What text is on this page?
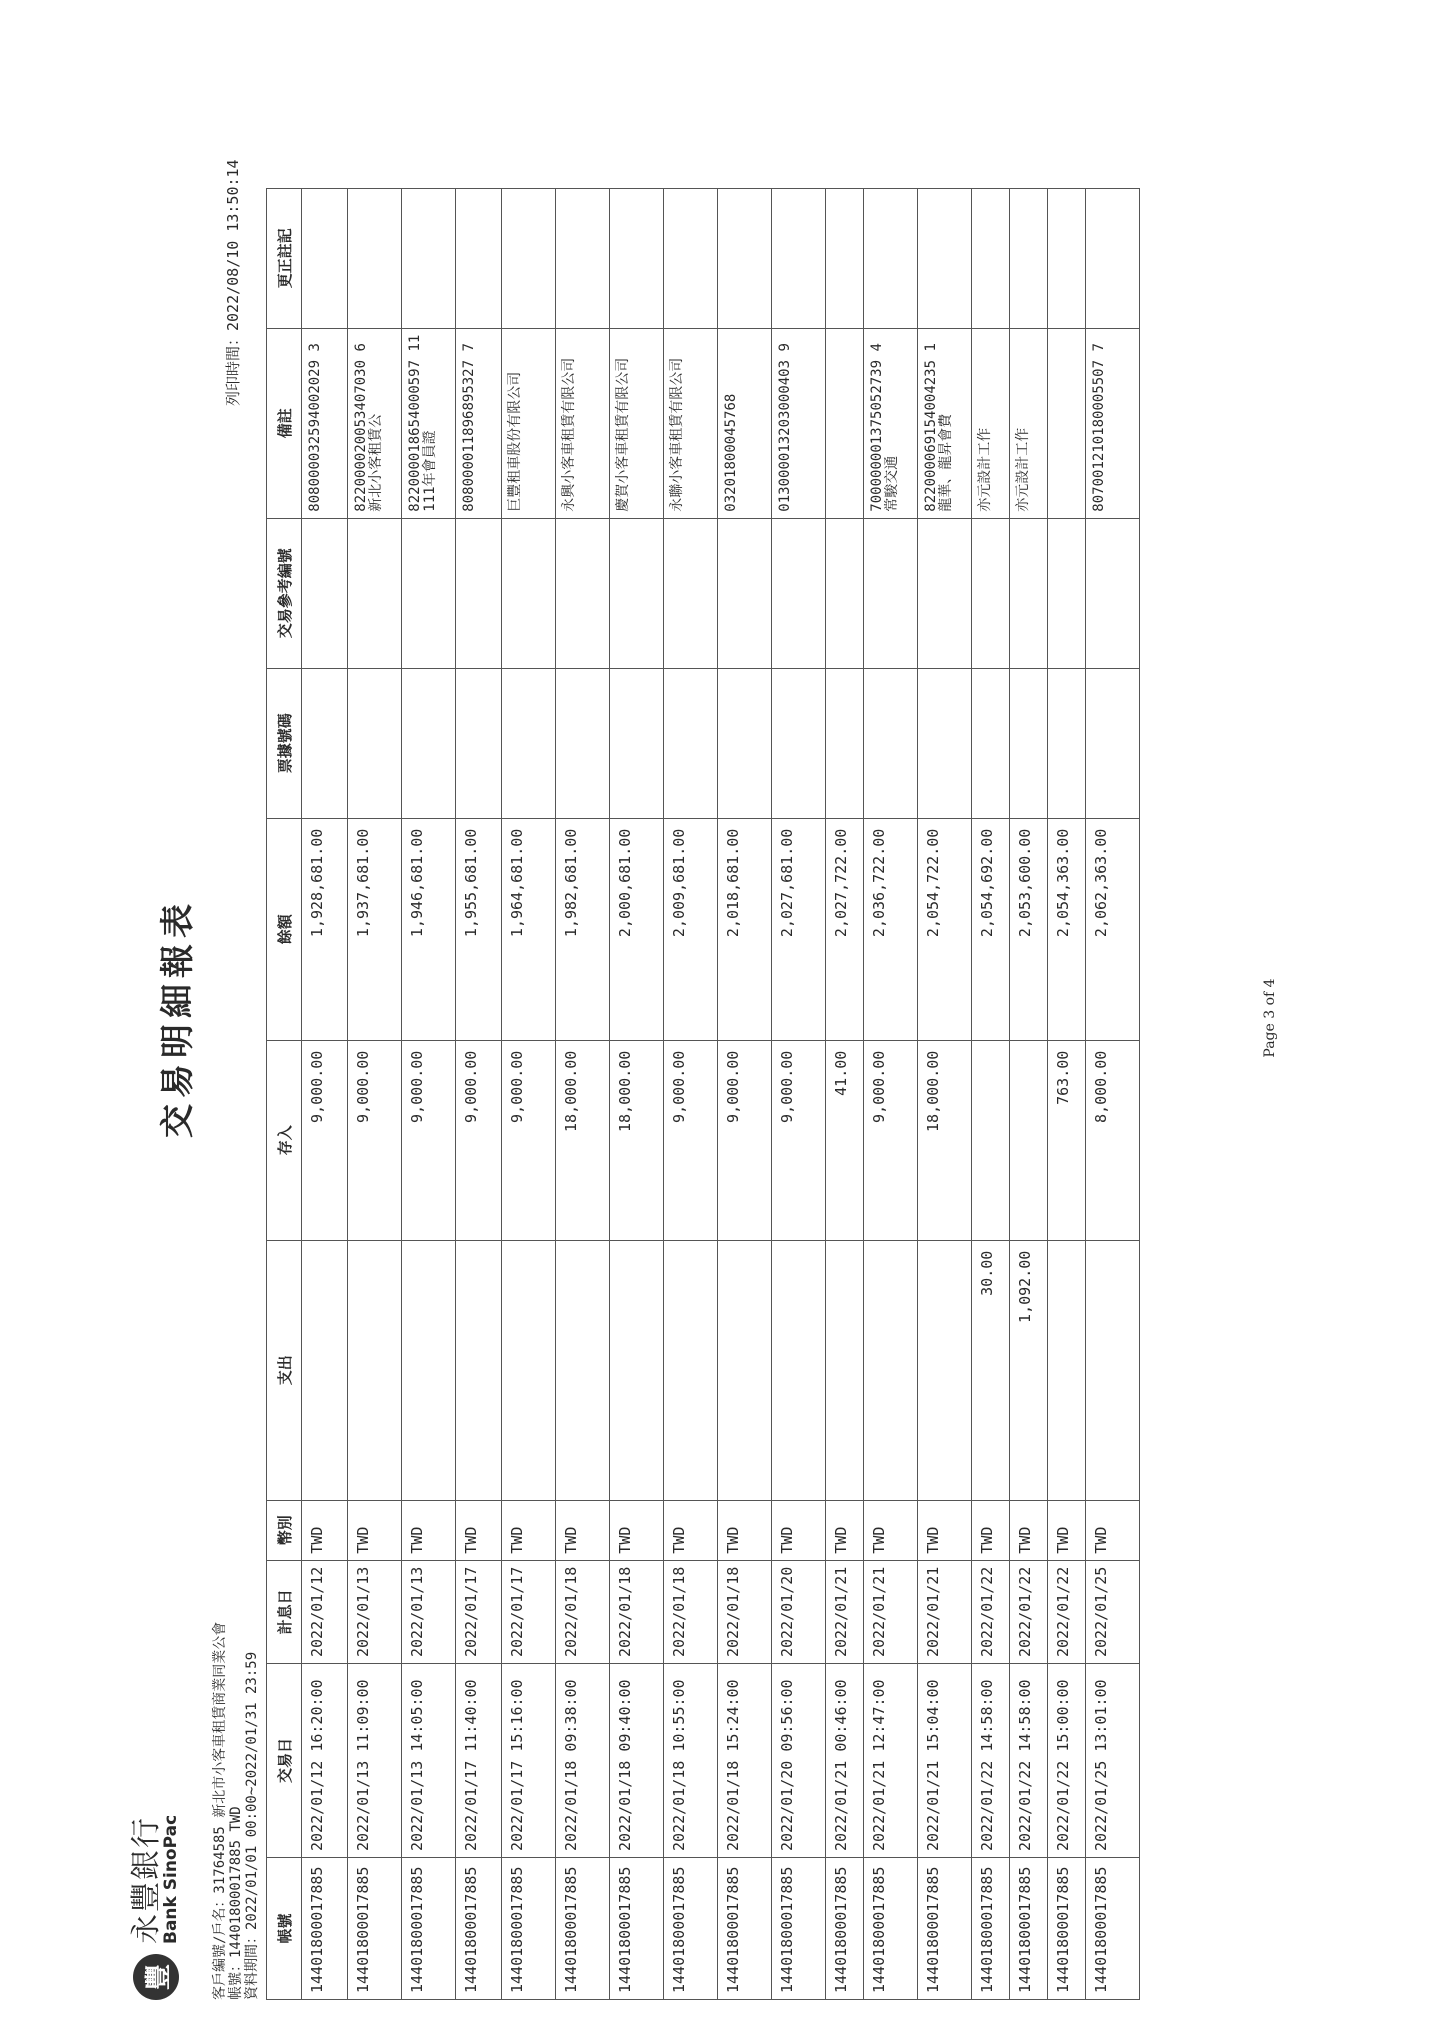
豐
永豐銀行
Bank SinoPac
交易明細報表
客戶編號/戶名：31764585 新北市小客車租賃商業同業公會 帳號：14401800017885 TWD 資料期間：2022/01/01 00:00~2022/01/31 23:59
列印時間：2022/08/10 13:50:14
帳號	交易日	計息日	幣別	支出	存入	餘額	票據號碼	交易參考編號	備註	更正註記
14401800017885	2022/01/12 16:20:00	2022/01/12	TWD		9,000.00	1,928,681.00			808000032594002029 3	
14401800017885	2022/01/13 11:09:00	2022/01/13	TWD		9,000.00	1,937,681.00			822000020053407030 6新北小客租賃公	
14401800017885	2022/01/13 14:05:00	2022/01/13	TWD		9,000.00	1,946,681.00			822000018654000597 11111年會員證	
14401800017885	2022/01/17 11:40:00	2022/01/17	TWD		9,000.00	1,955,681.00			808000011896895327 7	
14401800017885	2022/01/17 15:16:00	2022/01/17	TWD		9,000.00	1,964,681.00			巨豐租車股份有限公司	
14401800017885	2022/01/18 09:38:00	2022/01/18	TWD		18,000.00	1,982,681.00			永興小客車租賃有限公司	
14401800017885	2022/01/18 09:40:00	2022/01/18	TWD		18,000.00	2,000,681.00			慶賀小客車租賃有限公司	
14401800017885	2022/01/18 10:55:00	2022/01/18	TWD		9,000.00	2,009,681.00			永聯小客車租賃有限公司	
14401800017885	2022/01/18 15:24:00	2022/01/18	TWD		9,000.00	2,018,681.00			0320180004576​8	
14401800017885	2022/01/20 09:56:00	2022/01/20	TWD		9,000.00	2,027,681.00			013000013203000403 9	
14401800017885	2022/01/21 00:46:00	2022/01/21	TWD		41.00	2,027,722.00				
14401800017885	2022/01/21 12:47:00	2022/01/21	TWD		9,000.00	2,036,722.00			700000001375052739 4常駿交通	
14401800017885	2022/01/21 15:04:00	2022/01/21	TWD		18,000.00	2,054,722.00			822000069154004235 1龍華、龍昇會費	
14401800017885	2022/01/22 14:58:00	2022/01/22	TWD	30.00		2,054,692.00			亦元設計工作	
14401800017885	2022/01/22 14:58:00	2022/01/22	TWD	1,092.00		2,053,600.00			亦元設計工作	
14401800017885	2022/01/22 15:00:00	2022/01/22	TWD		763.00	2,054,363.00				
14401800017885	2022/01/25 13:01:00	2022/01/25	TWD		8,000.00	2,062,363.00			807001210180005507 7	
Page 3 of 4
